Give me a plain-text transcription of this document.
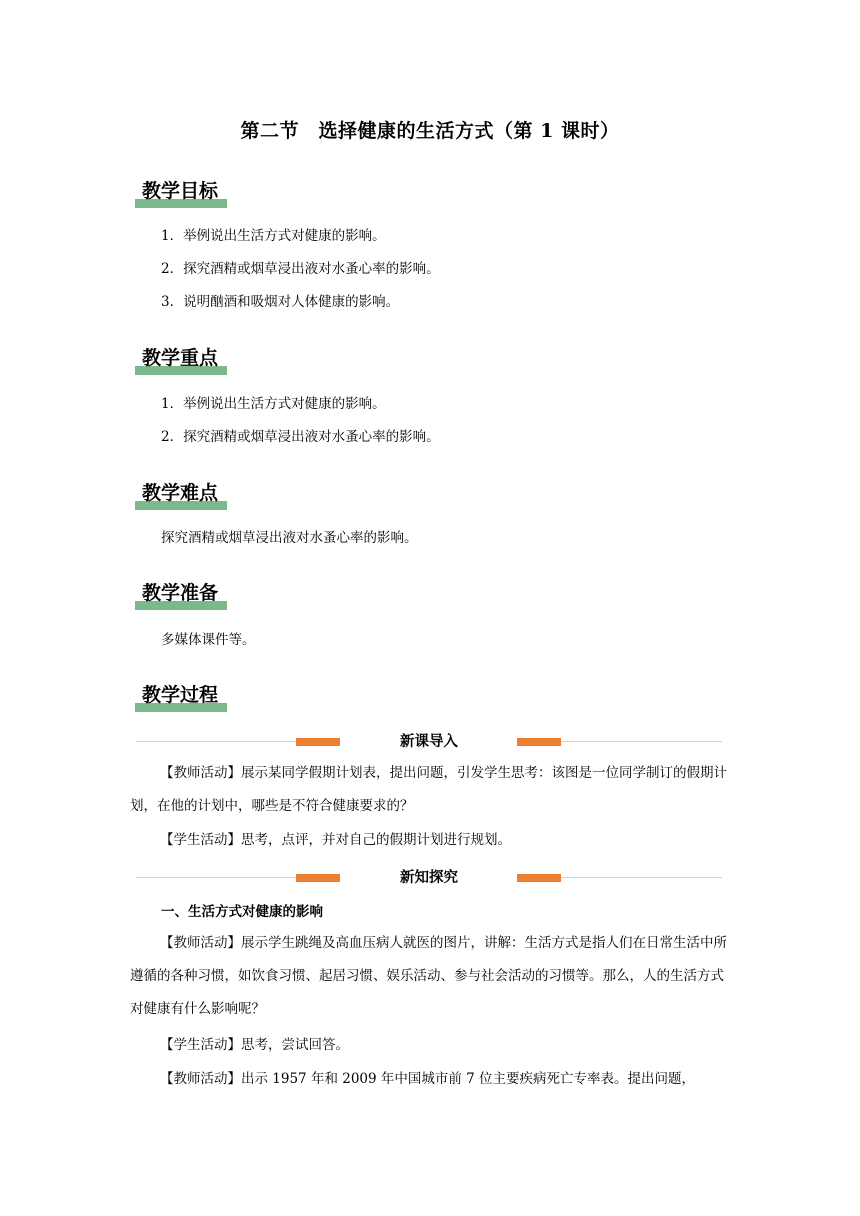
第二节　选择健康的生活方式（第 1 课时）
教学目标
1．举例说出生活方式对健康的影响。
2．探究酒精或烟草浸出液对水蚤心率的影响。
3．说明酗酒和吸烟对人体健康的影响。
教学重点
1．举例说出生活方式对健康的影响。
2．探究酒精或烟草浸出液对水蚤心率的影响。
教学难点
探究酒精或烟草浸出液对水蚤心率的影响。
教学准备
多媒体课件等。
教学过程
新课导入
【教师活动】展示某同学假期计划表，提出问题，引发学生思考：该图是一位同学制订的假期计划，在他的计划中，哪些是不符合健康要求的？
【学生活动】思考，点评，并对自己的假期计划进行规划。
新知探究
一、生活方式对健康的影响
【教师活动】展示学生跳绳及高血压病人就医的图片，讲解：生活方式是指人们在日常生活中所遵循的各种习惯，如饮食习惯、起居习惯、娱乐活动、参与社会活动的习惯等。那么，人的生活方式对健康有什么影响呢？
【学生活动】思考，尝试回答。
【教师活动】出示 1957 年和 2009 年中国城市前 7 位主要疾病死亡专率表。提出问题，
